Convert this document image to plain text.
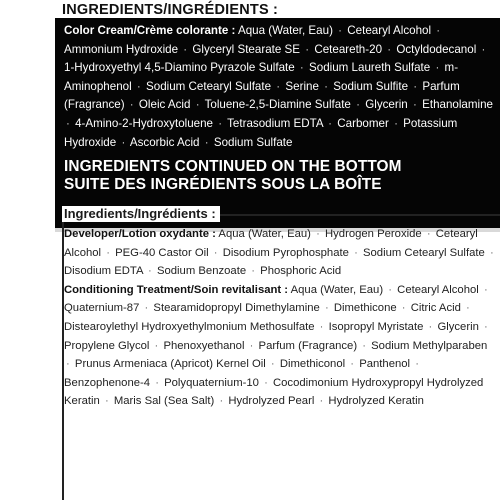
Color Cream/Crème colorante : Aqua (Water, Eau) · Cetearyl Alcohol · Ammonium Hydroxide · Glyceryl Stearate SE · Ceteareth-20 · Octyldodecanol · 1-Hydroxyethyl 4,5-Diamino Pyrazole Sulfate · Sodium Laureth Sulfate · m-Aminophenol · Sodium Cetearyl Sulfate · Serine · Sodium Sulfite · Parfum (Fragrance) · Oleic Acid · Toluene-2,5-Diamine Sulfate · Glycerin · Ethanolamine · 4-Amino-2-Hydroxytoluene · Tetrasodium EDTA · Carbomer · Potassium Hydroxide · Ascorbic Acid · Sodium Sulfate
INGREDIENTS CONTINUED ON THE BOTTOM
SUITE DES INGRÉDIENTS SOUS LA BOÎTE
INGREDIENTS/INGRÉDIENTS :
Ingredients/Ingrédients :

Developer/Lotion oxydante : Aqua (Water, Eau) · Hydrogen Peroxide · Cetearyl Alcohol · PEG-40 Castor Oil · Disodium Pyrophosphate · Sodium Cetearyl Sulfate · Disodium EDTA · Sodium Benzoate · Phosphoric Acid

Conditioning Treatment/Soin revitalisant : Aqua (Water, Eau) · Cetearyl Alcohol · Quaternium-87 · Stearamidopropyl Dimethylamine · Dimethicone · Citric Acid · Distearoylethyl Hydroxyethylmonium Methosulfate · Isopropyl Myristate · Glycerin · Propylene Glycol · Phenoxyethanol · Parfum (Fragrance) · Sodium Methylparaben · Prunus Armeniaca (Apricot) Kernel Oil · Dimethiconol · Panthenol · Benzophenone-4 · Polyquaternium-10 · Cocodimonium Hydroxypropyl Hydrolyzed Keratin · Maris Sal (Sea Salt) · Hydrolyzed Pearl · Hydrolyzed Keratin
